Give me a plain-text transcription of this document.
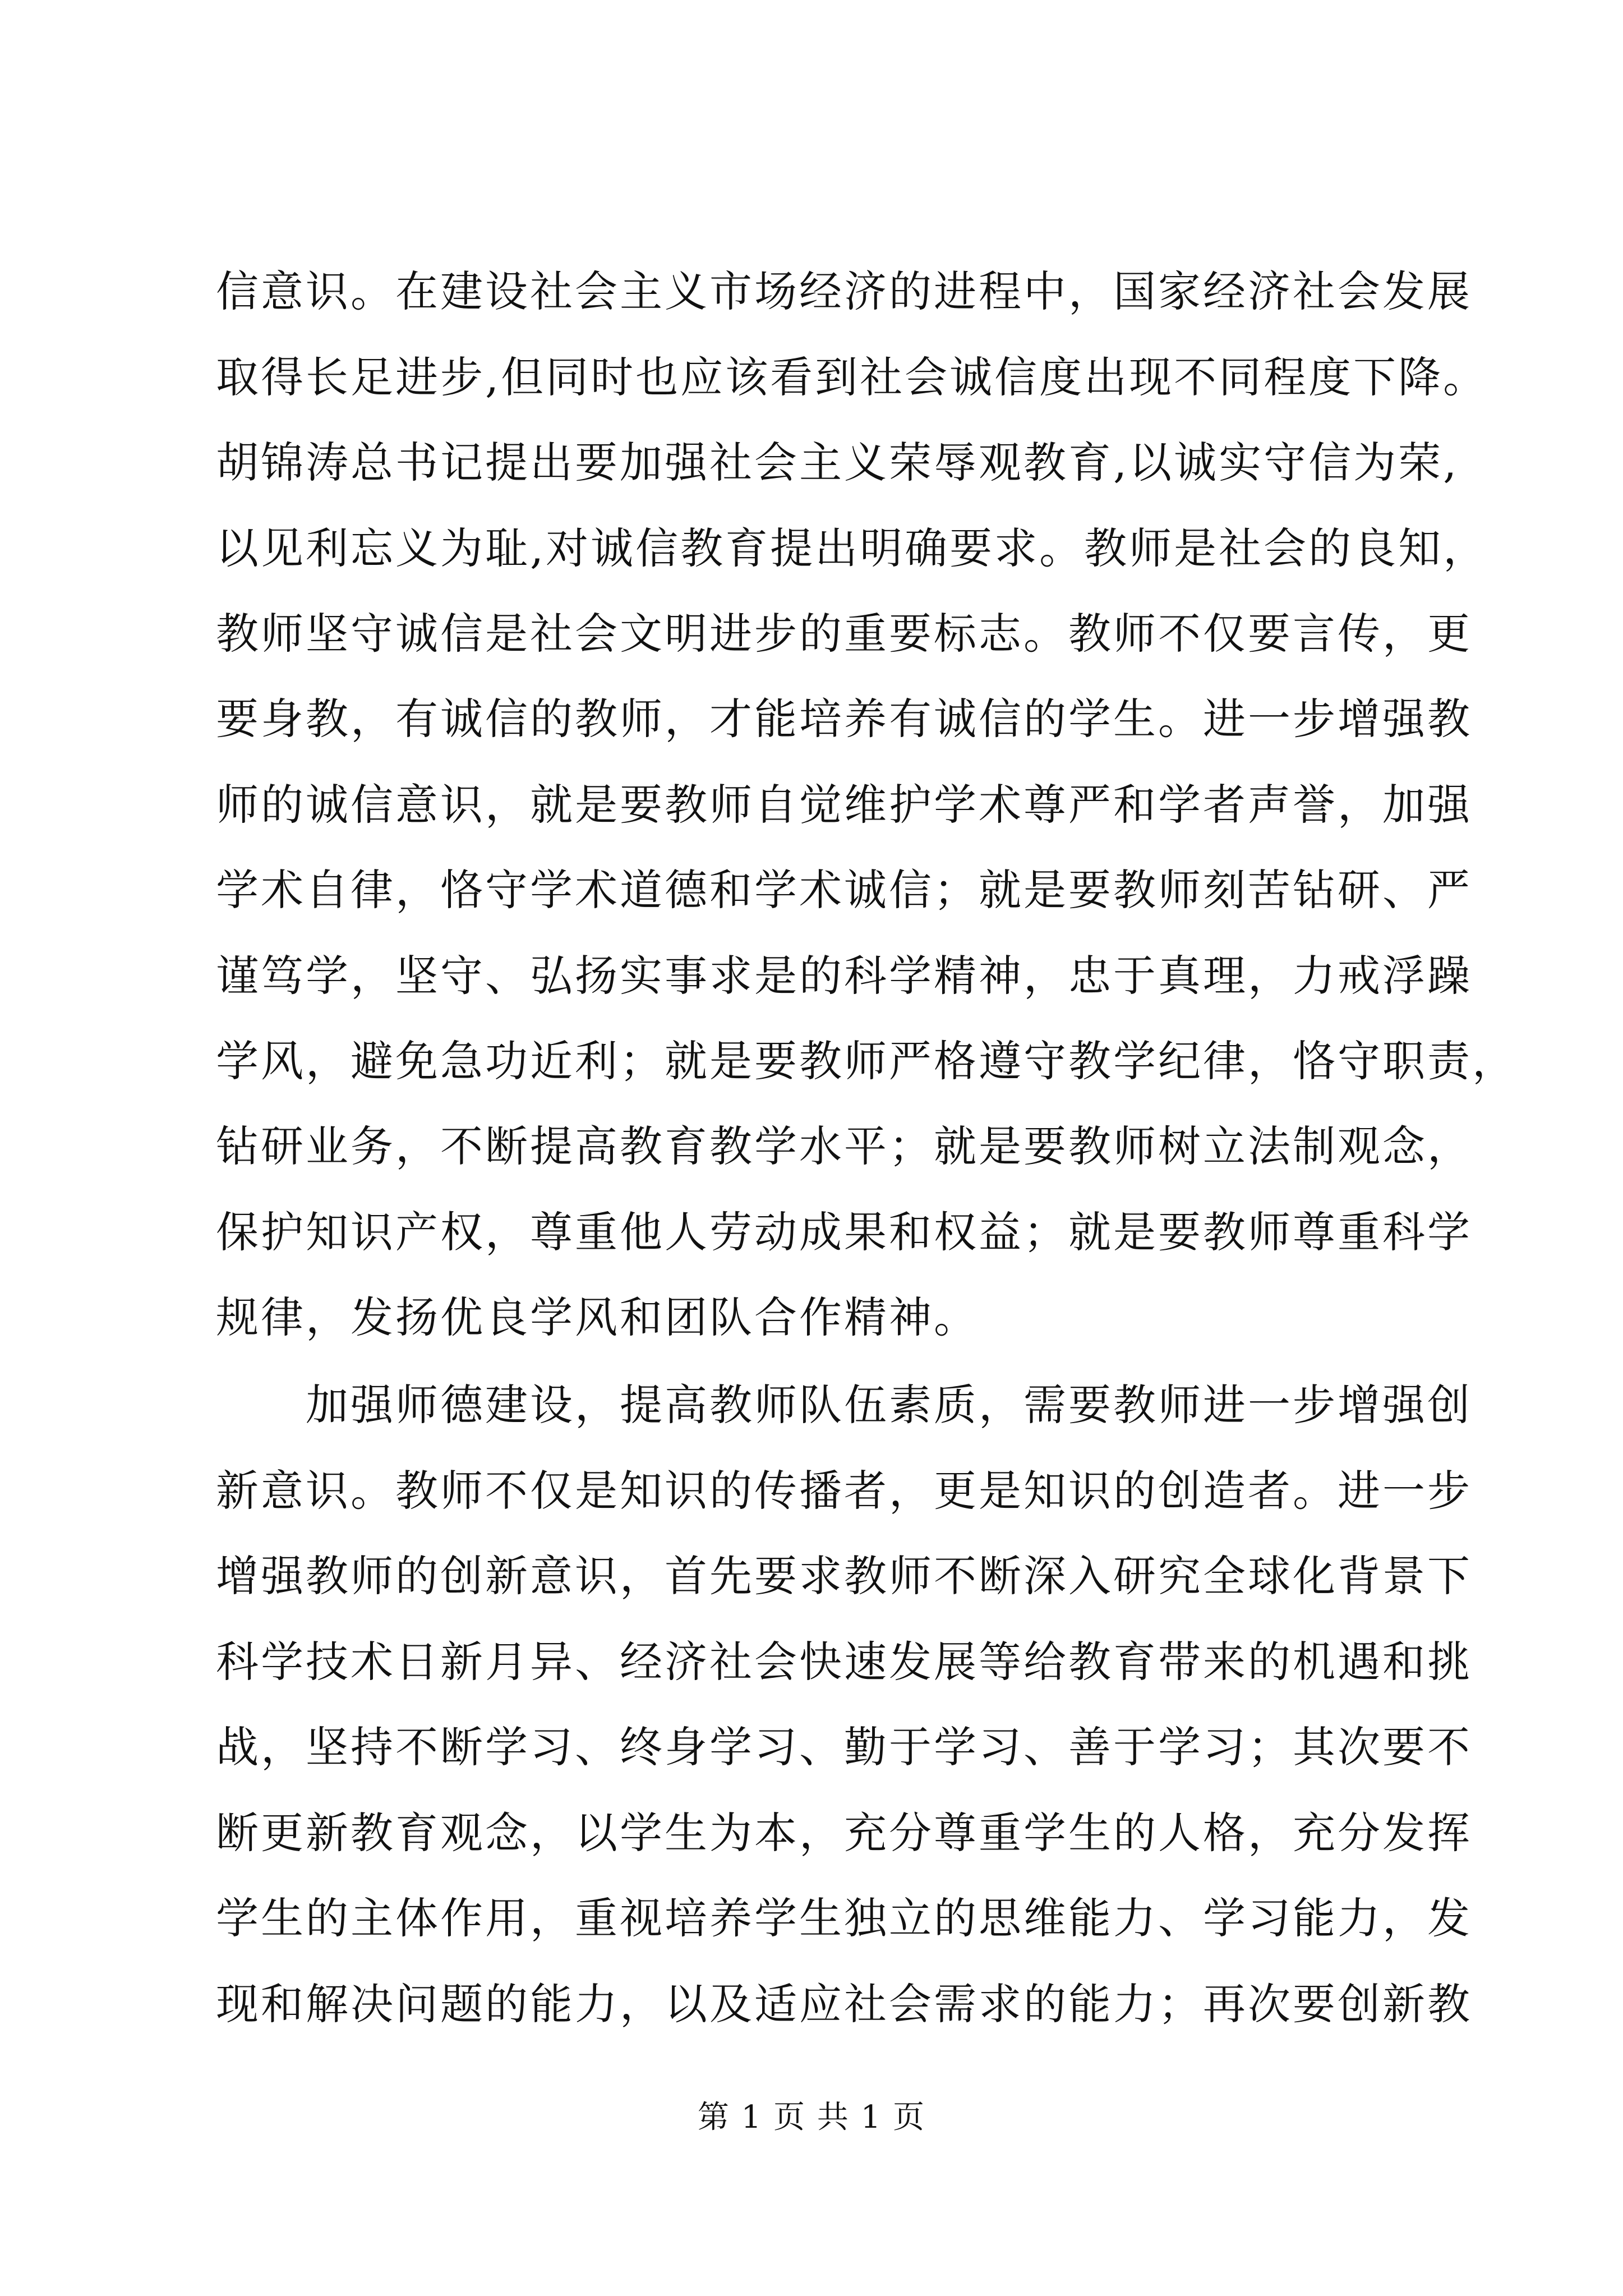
信意识。在建设社会主义市场经济的进程中，国家经济社会发展
取得长足进步,但同时也应该看到社会诚信度出现不同程度下降。
胡锦涛总书记提出要加强社会主义荣辱观教育,以诚实守信为荣,
以见利忘义为耻,对诚信教育提出明确要求。教师是社会的良知，
教师坚守诚信是社会文明进步的重要标志。教师不仅要言传，更
要身教，有诚信的教师，才能培养有诚信的学生。进一步增强教
师的诚信意识，就是要教师自觉维护学术尊严和学者声誉，加强
学术自律，恪守学术道德和学术诚信；就是要教师刻苦钻研、严
谨笃学，坚守、弘扬实事求是的科学精神，忠于真理，力戒浮躁
学风，避免急功近利；就是要教师严格遵守教学纪律，恪守职责，
钻研业务，不断提高教育教学水平；就是要教师树立法制观念，
保护知识产权，尊重他人劳动成果和权益；就是要教师尊重科学
规律，发扬优良学风和团队合作精神。
　　加强师德建设，提高教师队伍素质，需要教师进一步增强创
新意识。教师不仅是知识的传播者，更是知识的创造者。进一步
增强教师的创新意识，首先要求教师不断深入研究全球化背景下
科学技术日新月异、经济社会快速发展等给教育带来的机遇和挑
战，坚持不断学习、终身学习、勤于学习、善于学习；其次要不
断更新教育观念，以学生为本，充分尊重学生的人格，充分发挥
学生的主体作用，重视培养学生独立的思维能力、学习能力，发
现和解决问题的能力，以及适应社会需求的能力；再次要创新教
第 1 页 共 1 页
